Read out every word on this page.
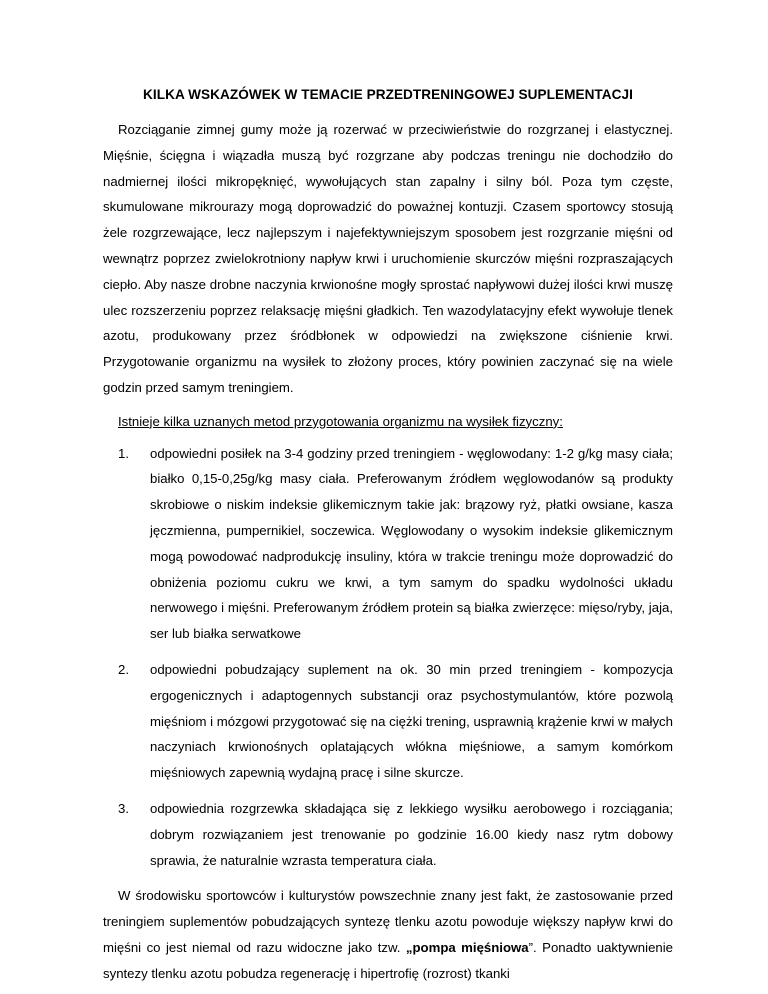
KILKA WSKAZÓWEK W TEMACIE PRZEDTRENINGOWEJ SUPLEMENTACJI

Rozciąganie zimnej gumy może ją rozerwać w przeciwieństwie do rozgrzanej i elastycznej. Mięśnie, ścięgna i wiązadła muszą być rozgrzane aby podczas treningu nie dochodziło do nadmiernej ilości mikropęknięć, wywołujących stan zapalny i silny ból. Poza tym częste, skumulowane mikrourazy mogą doprowadzić do poważnej kontuzji. Czasem sportowcy stosują żele rozgrzewające, lecz najlepszym i najefektywniejszym sposobem jest rozgrzanie mięśni od wewnątrz poprzez zwielokrotniony napływ krwi i uruchomienie skurczów mięśni rozpraszających ciepło. Aby nasze drobne naczynia krwionośne mogły sprostać napływowi dużej ilości krwi muszę ulec rozszerzeniu poprzez relaksację mięśni gładkich. Ten wazodylatacyjny efekt wywołuje tlenek azotu, produkowany przez śródbłonek w odpowiedzi na zwiększone ciśnienie krwi. Przygotowanie organizmu na wysiłek to złożony proces, który powinien zaczynać się na wiele godzin przed samym treningiem.

Istnieje kilka uznanych metod przygotowania organizmu na wysiłek fizyczny:
1.	odpowiedni posiłek na 3-4 godziny przed treningiem - węglowodany: 1-2 g/kg masy ciała; białko 0,15-0,25g/kg masy ciała. Preferowanym źródłem węglowodanów są produkty skrobiowe o niskim indeksie glikemicznym takie jak: brązowy ryż, płatki owsiane, kasza jęczmienna, pumpernikiel, soczewica. Węglowodany o wysokim indeksie glikemicznym mogą powodować nadprodukcję insuliny, która w trakcie treningu może doprowadzić do obniżenia poziomu cukru we krwi, a tym samym do spadku wydolności układu nerwowego i mięśni. Preferowanym źródłem protein są białka zwierzęce: mięso/ryby, jaja, ser lub białka serwatkowe
2.	odpowiedni pobudzający suplement na ok. 30 min przed treningiem - kompozycja ergogenicznych i adaptogennych substancji oraz psychostymulantów, które pozwolą mięśniom i mózgowi przygotować się na ciężki trening, usprawnią krążenie krwi w małych naczyniach krwionośnych oplatających włókna mięśniowe, a samym komórkom mięśniowych zapewnią wydajną pracę i silne skurcze.
3.	odpowiednia rozgrzewka składająca się z lekkiego wysiłku aerobowego i rozciągania; dobrym rozwiązaniem jest trenowanie po godzinie 16.00 kiedy nasz rytm dobowy sprawia, że naturalnie wzrasta temperatura ciała.

W środowisku sportowców i kulturystów powszechnie znany jest fakt, że zastosowanie przed treningiem suplementów pobudzających syntezę tlenku azotu powoduje większy napływ krwi do mięśni co jest niemal od razu widoczne jako tzw. „pompa mięśniowa”. Ponadto uaktywnienie syntezy tlenku azotu pobudza regenerację i hipertrofię (rozrost) tkanki
